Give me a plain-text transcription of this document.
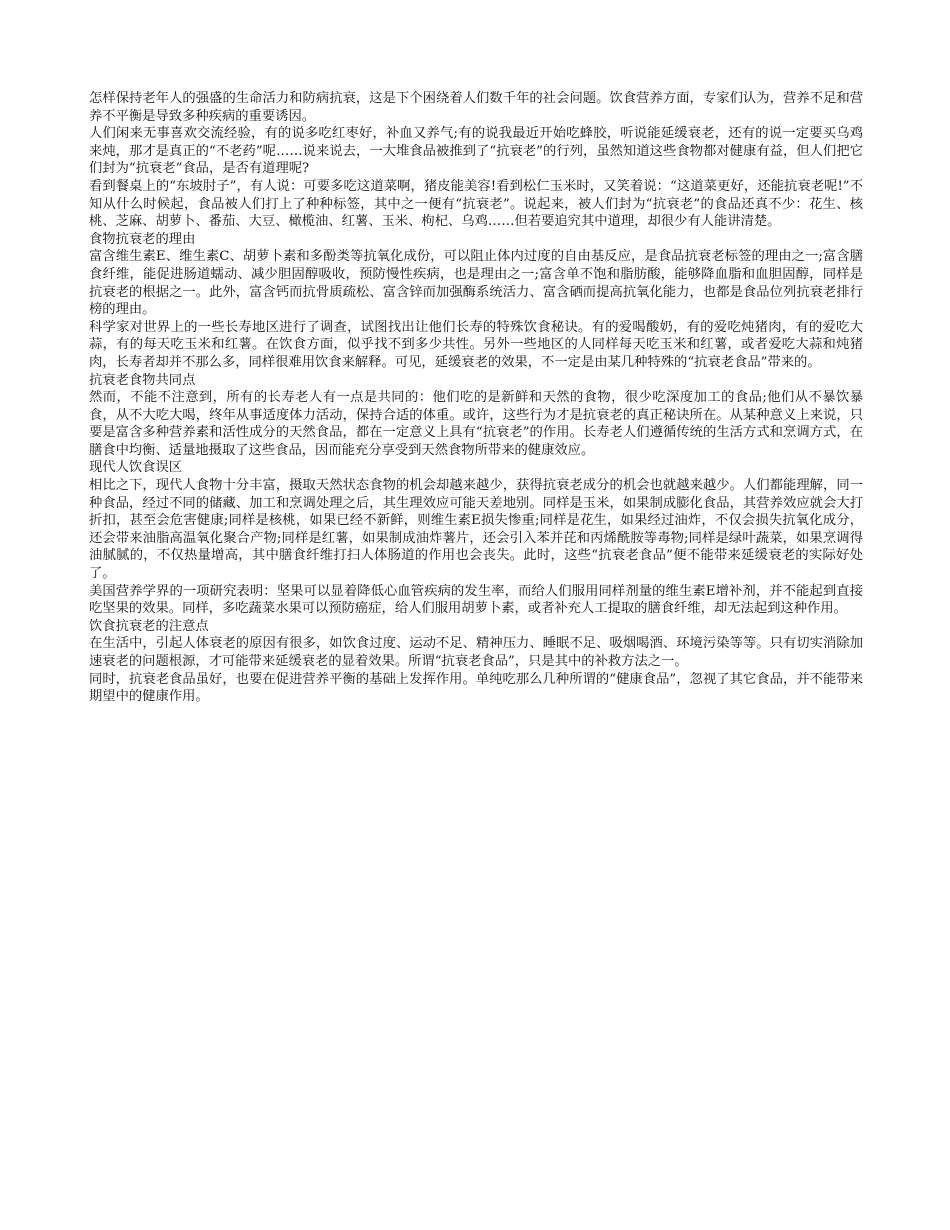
怎样保持老年人的强盛的生命活力和防病抗衰，这是下个困绕着人们数千年的社会问题。饮食营养方面，专家们认为，营养不足和营养不平衡是导致多种疾病的重要诱因。

人们闲来无事喜欢交流经验，有的说多吃红枣好，补血又养气;有的说我最近开始吃蜂胶，听说能延缓衰老，还有的说一定要买乌鸡来炖，那才是真正的“不老药”呢……说来说去，一大堆食品被推到了“抗衰老”的行列，虽然知道这些食物都对健康有益，但人们把它们封为“抗衰老”食品，是否有道理呢?

看到餐桌上的“东坡肘子”，有人说：可要多吃这道菜啊，猪皮能美容!看到松仁玉米时，又笑着说：“这道菜更好，还能抗衰老呢!”不知从什么时候起，食品被人们打上了种种标签，其中之一便有“抗衰老”。说起来，被人们封为“抗衰老”的食品还真不少：花生、核桃、芝麻、胡萝卜、番茄、大豆、橄榄油、红薯、玉米、枸杞、乌鸡……但若要追究其中道理，却很少有人能讲清楚。

食物抗衰老的理由

富含维生素E、维生素C、胡萝卜素和多酚类等抗氧化成份，可以阻止体内过度的自由基反应，是食品抗衰老标签的理由之一;富含膳食纤维，能促进肠道蠕动、减少胆固醇吸收，预防慢性疾病，也是理由之一;富含单不饱和脂肪酸，能够降血脂和血胆固醇，同样是抗衰老的根据之一。此外，富含钙而抗骨质疏松、富含锌而加强酶系统活力、富含硒而提高抗氧化能力，也都是食品位列抗衰老排行榜的理由。

科学家对世界上的一些长寿地区进行了调查，试图找出让他们长寿的特殊饮食秘诀。有的爱喝酸奶，有的爱吃炖猪肉，有的爱吃大蒜，有的每天吃玉米和红薯。在饮食方面，似乎找不到多少共性。另外一些地区的人同样每天吃玉米和红薯，或者爱吃大蒜和炖猪肉，长寿者却并不那么多，同样很难用饮食来解释。可见，延缓衰老的效果，不一定是由某几种特殊的“抗衰老食品”带来的。

抗衰老食物共同点

然而，不能不注意到，所有的长寿老人有一点是共同的：他们吃的是新鲜和天然的食物，很少吃深度加工的食品;他们从不暴饮暴食，从不大吃大喝，终年从事适度体力活动，保持合适的体重。或许，这些行为才是抗衰老的真正秘诀所在。从某种意义上来说，只要是富含多种营养素和活性成分的天然食品，都在一定意义上具有“抗衰老”的作用。长寿老人们遵循传统的生活方式和烹调方式，在膳食中均衡、适量地摄取了这些食品，因而能充分享受到天然食物所带来的健康效应。

现代人饮食误区

相比之下，现代人食物十分丰富，摄取天然状态食物的机会却越来越少，获得抗衰老成分的机会也就越来越少。人们都能理解，同一种食品，经过不同的储藏、加工和烹调处理之后，其生理效应可能天差地别。同样是玉米，如果制成膨化食品，其营养效应就会大打折扣，甚至会危害健康;同样是核桃，如果已经不新鲜，则维生素E损失惨重;同样是花生，如果经过油炸，不仅会损失抗氧化成分，还会带来油脂高温氧化聚合产物;同样是红薯，如果制成油炸薯片，还会引入苯并芘和丙烯酰胺等毒物;同样是绿叶蔬菜，如果烹调得油腻腻的，不仅热量增高，其中膳食纤维打扫人体肠道的作用也会丧失。此时，这些“抗衰老食品”便不能带来延缓衰老的实际好处了。

美国营养学界的一项研究表明：坚果可以显着降低心血管疾病的发生率，而给人们服用同样剂量的维生素E增补剂，并不能起到直接吃坚果的效果。同样，多吃蔬菜水果可以预防癌症，给人们服用胡萝卜素，或者补充人工提取的膳食纤维，却无法起到这种作用。

饮食抗衰老的注意点

在生活中，引起人体衰老的原因有很多，如饮食过度、运动不足、精神压力、睡眠不足、吸烟喝酒、环境污染等等。只有切实消除加速衰老的问题根源，才可能带来延缓衰老的显着效果。所谓“抗衰老食品”，只是其中的补救方法之一。

同时，抗衰老食品虽好，也要在促进营养平衡的基础上发挥作用。单纯吃那么几种所谓的“健康食品”，忽视了其它食品，并不能带来期望中的健康作用。
